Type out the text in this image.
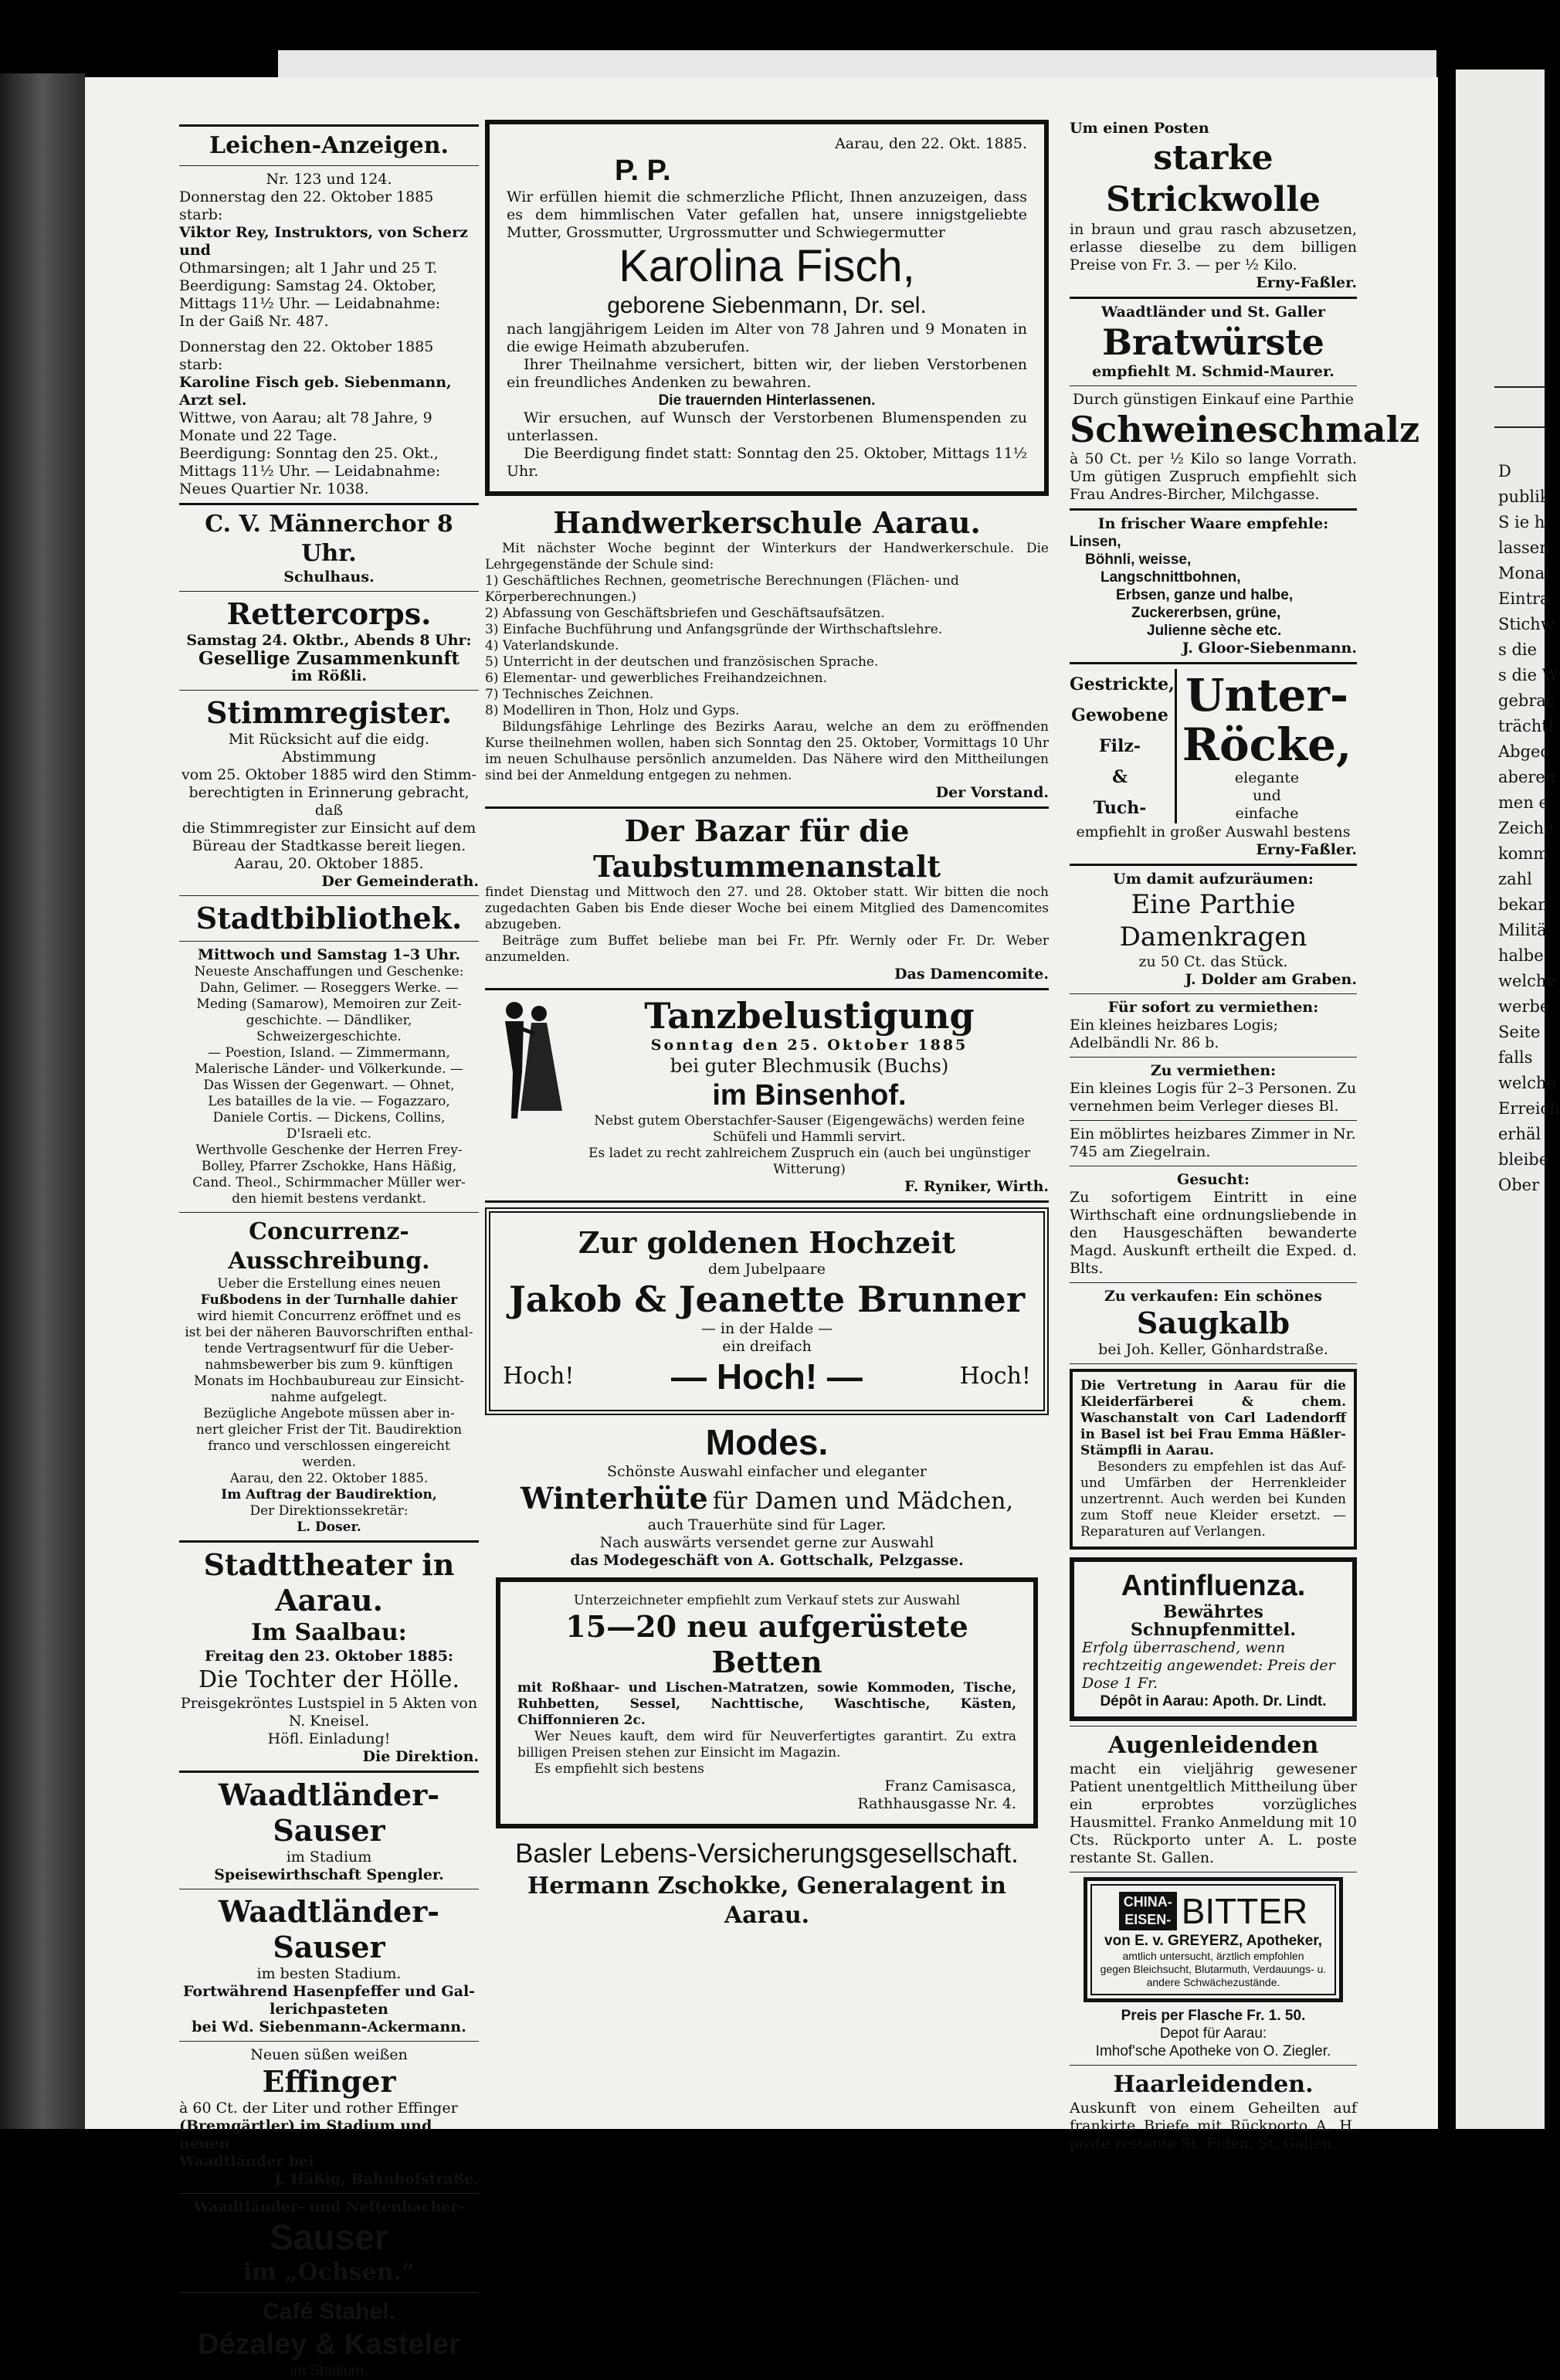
Leichen-Anzeigen.

Nr. 123 und 124.

Donnerstag den 22. Oktober 1885 starb:

Viktor Rey, Instruktors, von Scherz und

Othmarsingen; alt 1 Jahr und 25 T.

Beerdigung: Samstag 24. Oktober,

Mittags 11½ Uhr. — Leidabnahme:

In der Gaiß Nr. 487.

Donnerstag den 22. Oktober 1885 starb:

Karoline Fisch geb. Siebenmann, Arzt sel.

Wittwe, von Aarau; alt 78 Jahre, 9

Monate und 22 Tage.

Beerdigung: Sonntag den 25. Okt.,

Mittags 11½ Uhr. — Leidabnahme:

Neues Quartier Nr. 1038.

C. V. Männerchor 8 Uhr.

Schulhaus.

Rettercorps.

Samstag 24. Oktbr., Abends 8 Uhr:

Gesellige Zusammenkunft

im Rößli.

Stimmregister.

Mit Rücksicht auf die eidg. Abstimmung

vom 25. Oktober 1885 wird den Stimm-

berechtigten in Erinnerung gebracht, daß

die Stimmregister zur Einsicht auf dem

Büreau der Stadtkasse bereit liegen.

Aarau, 20. Oktober 1885.

Der Gemeinderath.

Stadtbibliothek.

Mittwoch und Samstag 1–3 Uhr.

Neueste Anschaffungen und Geschenke:

Dahn, Gelimer. — Roseggers Werke. —

Meding (Samarow), Memoiren zur Zeit-

geschichte. — Dändliker, Schweizergeschichte.

— Poestion, Island. — Zimmermann,

Malerische Länder- und Völkerkunde. —

Das Wissen der Gegenwart. — Ohnet,

Les batailles de la vie. — Fogazzaro,

Daniele Cortis. — Dickens, Collins,

D'Israeli etc.

Werthvolle Geschenke der Herren Frey-

Bolley, Pfarrer Zschokke, Hans Häßig,

Cand. Theol., Schirmmacher Müller wer-

den hiemit bestens verdankt.

Concurrenz-Ausschreibung.

Ueber die Erstellung eines neuen

Fußbodens in der Turnhalle dahier

wird hiemit Concurrenz eröffnet und es

ist bei der näheren Bauvorschriften enthal-

tende Vertragsentwurf für die Ueber-

nahmsbewerber bis zum 9. künftigen

Monats im Hochbaubureau zur Einsicht-

nahme aufgelegt.

Bezügliche Angebote müssen aber in-

nert gleicher Frist der Tit. Baudirektion

franco und verschlossen eingereicht werden.

Aarau, den 22. Oktober 1885.

Im Auftrag der Baudirektion,

Der Direktionssekretär:

L. Doser.

Stadttheater in Aarau.

Im Saalbau:

Freitag den 23. Oktober 1885:

Die Tochter der Hölle.

Preisgekröntes Lustspiel in 5 Akten von

N. Kneisel.

Höfl. Einladung!

Die Direktion.

Waadtländer-Sauser

im Stadium

Speisewirthschaft Spengler.

Waadtländer-Sauser

im besten Stadium.

Fortwährend Hasenpfeffer und Gal-

lerichpasteten

bei Wd. Siebenmann-Ackermann.

Neuen süßen weißen

Effinger

à 60 Ct. der Liter und rother Effinger

(Bremgärtler) im Stadium und neuen

Waadtländer bei

J. Häßig, Bahnhofstraße.

Waadtländer- und Neftenbacher-

Sauser

im „Ochsen.“

Café Stahel.

Dézaley & Kasteler

im Stadium.

Aarau, den 22. Okt. 1885.

P. P.

Wir erfüllen hiemit die schmerzliche Pflicht, Ihnen anzuzeigen, dass es dem himmlischen Vater gefallen hat, unsere innigstgeliebte Mutter, Grossmutter, Urgrossmutter und Schwiegermutter

Karolina Fisch,

geborene Siebenmann, Dr. sel.

nach langjährigem Leiden im Alter von 78 Jahren und 9 Monaten in die ewige Heimath abzuberufen.

Ihrer Theilnahme versichert, bitten wir, der lieben Verstorbenen ein freundliches Andenken zu bewahren.

Die trauernden Hinterlassenen.

Wir ersuchen, auf Wunsch der Verstorbenen Blumenspenden zu unterlassen.

Die Beerdigung findet statt: Sonntag den 25. Oktober, Mittags 11½ Uhr.

Handwerkerschule Aarau.

Mit nächster Woche beginnt der Winterkurs der Handwerkerschule. Die Lehrgegenstände der Schule sind:

1) Geschäftliches Rechnen, geometrische Berechnungen (Flächen- und Körperberechnungen.)

2) Abfassung von Geschäftsbriefen und Geschäftsaufsätzen.

3) Einfache Buchführung und Anfangsgründe der Wirthschaftslehre.

4) Vaterlandskunde.

5) Unterricht in der deutschen und französischen Sprache.

6) Elementar- und gewerbliches Freihandzeichnen.

7) Technisches Zeichnen.

8) Modelliren in Thon, Holz und Gyps.

Bildungsfähige Lehrlinge des Bezirks Aarau, welche an dem zu eröffnenden Kurse theilnehmen wollen, haben sich Sonntag den 25. Oktober, Vormittags 10 Uhr im neuen Schulhause persönlich anzumelden. Das Nähere wird den Mittheilungen sind bei der Anmeldung entgegen zu nehmen.

Der Vorstand.

Der Bazar für die Taubstummenanstalt

findet Dienstag und Mittwoch den 27. und 28. Oktober statt. Wir bitten die noch zugedachten Gaben bis Ende dieser Woche bei einem Mitglied des Damencomites abzugeben.

Beiträge zum Buffet beliebe man bei Fr. Pfr. Wernly oder Fr. Dr. Weber anzumelden.

Das Damencomite.

Tanzbelustigung

Sonntag den 25. Oktober 1885

bei guter Blechmusik (Buchs)

im Binsenhof.

Nebst gutem Oberstachfer-Sauser (Eigengewächs) werden feine Schüfeli und Hammli servirt.

Es ladet zu recht zahlreichem Zuspruch ein (auch bei ungünstiger Witterung)

F. Ryniker, Wirth.

Zur goldenen Hochzeit

dem Jubelpaare

Jakob & Jeanette Brunner

— in der Halde —

ein dreifach

Hoch!	— Hoch! —	Hoch!

Modes.

Schönste Auswahl einfacher und eleganter

Winterhüte für Damen und Mädchen,

auch Trauerhüte sind für Lager.

Nach auswärts versendet gerne zur Auswahl

das Modegeschäft von A. Gottschalk, Pelzgasse.

Unterzeichneter empfiehlt zum Verkauf stets zur Auswahl

15—20 neu aufgerüstete Betten

mit Roßhaar- und Lischen-Matratzen, sowie Kommoden, Tische, Ruhbetten, Sessel, Nachttische, Waschtische, Kästen, Chiffonnieren 2c.

Wer Neues kauft, dem wird für Neuverfertigtes garantirt. Zu extra billigen Preisen stehen zur Einsicht im Magazin.

Es empfiehlt sich bestens

Franz Camisasca,

Rathhausgasse Nr. 4.

Basler Lebens-Versicherungsgesellschaft.

Hermann Zschokke, Generalagent in Aarau.

Um einen Posten

starke Strickwolle

in braun und grau rasch abzusetzen, erlasse dieselbe zu dem billigen Preise von Fr. 3. — per ½ Kilo.

Erny-Faßler.

Waadtländer und St. Galler

Bratwürste

empfiehlt M. Schmid-Maurer.

Durch günstigen Einkauf eine Parthie

Schweineschmalz

à 50 Ct. per ½ Kilo so lange Vorrath. Um gütigen Zuspruch empfiehlt sich Frau Andres-Bircher, Milchgasse.

In frischer Waare empfehle:

Linsen,

Böhnli, weisse,

Langschnittbohnen,

Erbsen, ganze und halbe,

Zuckererbsen, grüne,

Julienne sèche etc.

J. Gloor-Siebenmann.

Gestrickte,

Gewobene

Filz-

&

Tuch-

Unter-

Röcke,

elegante

und

einfache

empfiehlt in großer Auswahl bestens

Erny-Faßler.

Um damit aufzuräumen:

Eine Parthie Damenkragen

zu 50 Ct. das Stück.

J. Dolder am Graben.

Für sofort zu vermiethen:

Ein kleines heizbares Logis; Adelbändli Nr. 86 b.

Zu vermiethen:

Ein kleines Logis für 2–3 Personen. Zu vernehmen beim Verleger dieses Bl.

Ein möblirtes heizbares Zimmer in Nr. 745 am Ziegelrain.

Gesucht:

Zu sofortigem Eintritt in eine Wirthschaft eine ordnungsliebende in den Hausgeschäften bewanderte Magd. Auskunft ertheilt die Exped. d. Blts.

Zu verkaufen: Ein schönes

Saugkalb

bei Joh. Keller, Gönhardstraße.

Die Vertretung in Aarau für die Kleiderfärberei & chem. Waschanstalt von Carl Ladendorff in Basel ist bei Frau Emma Häßler-Stämpfli in Aarau.

Besonders zu empfehlen ist das Auf- und Umfärben der Herrenkleider unzertrennt. Auch werden bei Kunden zum Stoff neue Kleider ersetzt. — Reparaturen auf Verlangen.

Antinfluenza.

Bewährtes Schnupfenmittel.

Erfolg überraschend, wenn rechtzeitig angewendet: Preis der Dose 1 Fr.

Dépôt in Aarau: Apoth. Dr. Lindt.

Augenleidenden

macht ein vieljährig gewesener Patient unentgeltlich Mittheilung über ein erprobtes vorzügliches Hausmittel. Franko Anmeldung mit 10 Cts. Rückporto unter A. L. poste restante St. Gallen.

CHINA-

EISEN- BITTER

von E. v. GREYERZ, Apotheker,

amtlich untersucht, ärztlich empfohlen

gegen Bleichsucht, Blutarmuth, Verdauungs- u. andere Schwächezustände.

Preis per Flasche Fr. 1. 50.

Depot für Aarau:

Imhof'sche Apotheke von O. Ziegler.

Haarleidenden.

Auskunft von einem Geheilten auf frankirte Briefe mit Rückporto A. H. poste restante St. Fiden, St. Gallen.

D
publik
S ie h
lassen
Monat
Eintra
Stichw
s die
s die W
gebrac
trächtl
Abgeo
aberen
men e
Zeiche
komm
zahl
bekan
Militä
halbe
welche
werbe
Seite
falls
welche
Erreich
erhäl
bleibe
Ober
